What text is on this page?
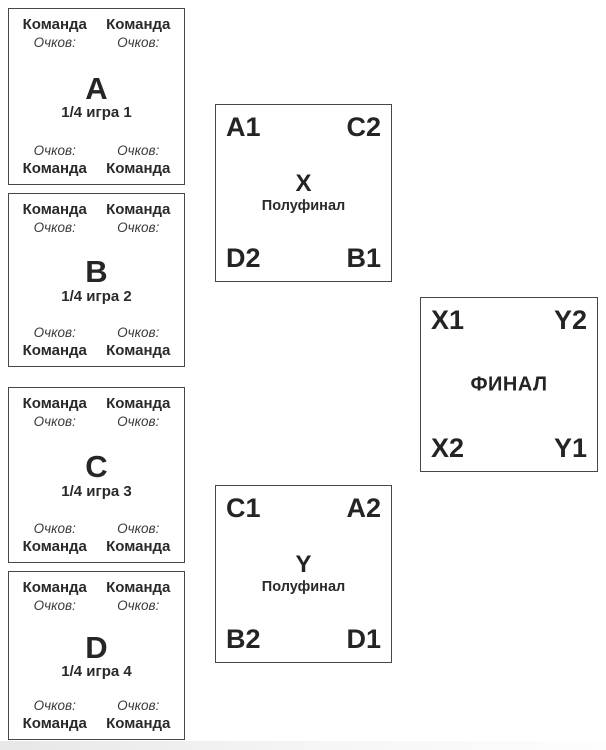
Команда
Очков:
Команда
Очков:
A
1/4 игра 1
Очков:
Команда
Очков:
Команда
Команда
Очков:
Команда
Очков:
B
1/4 игра 2
Очков:
Команда
Очков:
Команда
Команда
Очков:
Команда
Очков:
C
1/4 игра 3
Очков:
Команда
Очков:
Команда
Команда
Очков:
Команда
Очков:
D
1/4 игра 4
Очков:
Команда
Очков:
Команда
A1	C2
D2	B1
X
Полуфинал
C1	A2
B2	D1
Y
Полуфинал
X1	Y2
X2	Y1
ФИНАЛ
